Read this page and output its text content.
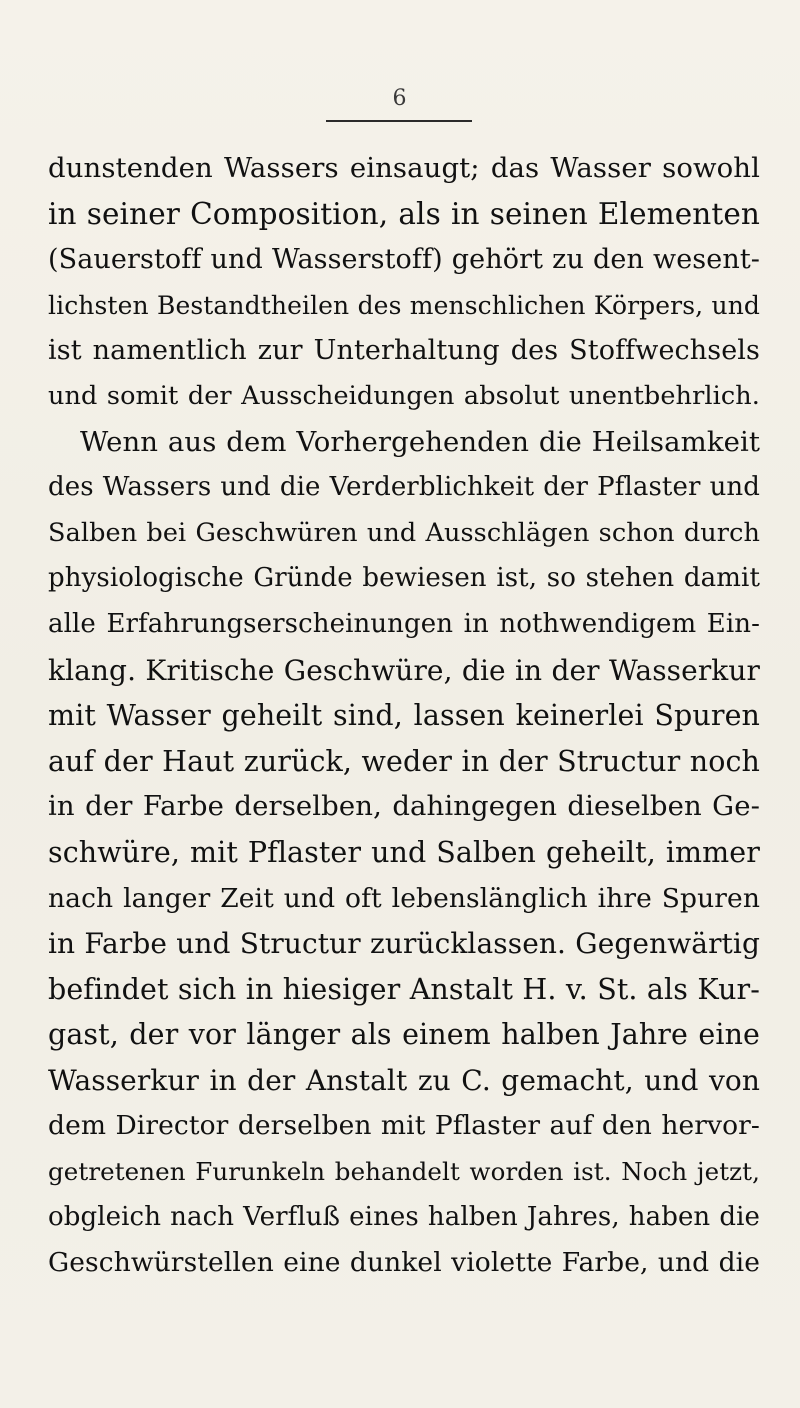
6
dunstenden Wassers einsaugt; das Wasser sowohl
in seiner Composition, als in seinen Elementen
(Sauerstoff und Wasserstoff) gehört zu den wesent-
lichsten Bestandtheilen des menschlichen Körpers, und
ist namentlich zur Unterhaltung des Stoffwechsels
und somit der Ausscheidungen absolut unentbehrlich.
Wenn aus dem Vorhergehenden die Heilsamkeit
des Wassers und die Verderblichkeit der Pflaster und
Salben bei Geschwüren und Ausschlägen schon durch
physiologische Gründe bewiesen ist, so stehen damit
alle Erfahrungserscheinungen in nothwendigem Ein-
klang. Kritische Geschwüre, die in der Wasserkur
mit Wasser geheilt sind, lassen keinerlei Spuren
auf der Haut zurück, weder in der Structur noch
in der Farbe derselben, dahingegen dieselben Ge-
schwüre, mit Pflaster und Salben geheilt, immer
nach langer Zeit und oft lebenslänglich ihre Spuren
in Farbe und Structur zurücklassen. Gegenwärtig
befindet sich in hiesiger Anstalt H. v. St. als Kur-
gast, der vor länger als einem halben Jahre eine
Wasserkur in der Anstalt zu C. gemacht, und von
dem Director derselben mit Pflaster auf den hervor-
getretenen Furunkeln behandelt worden ist. Noch jetzt,
obgleich nach Verfluß eines halben Jahres, haben die
Geschwürstellen eine dunkel violette Farbe, und die
